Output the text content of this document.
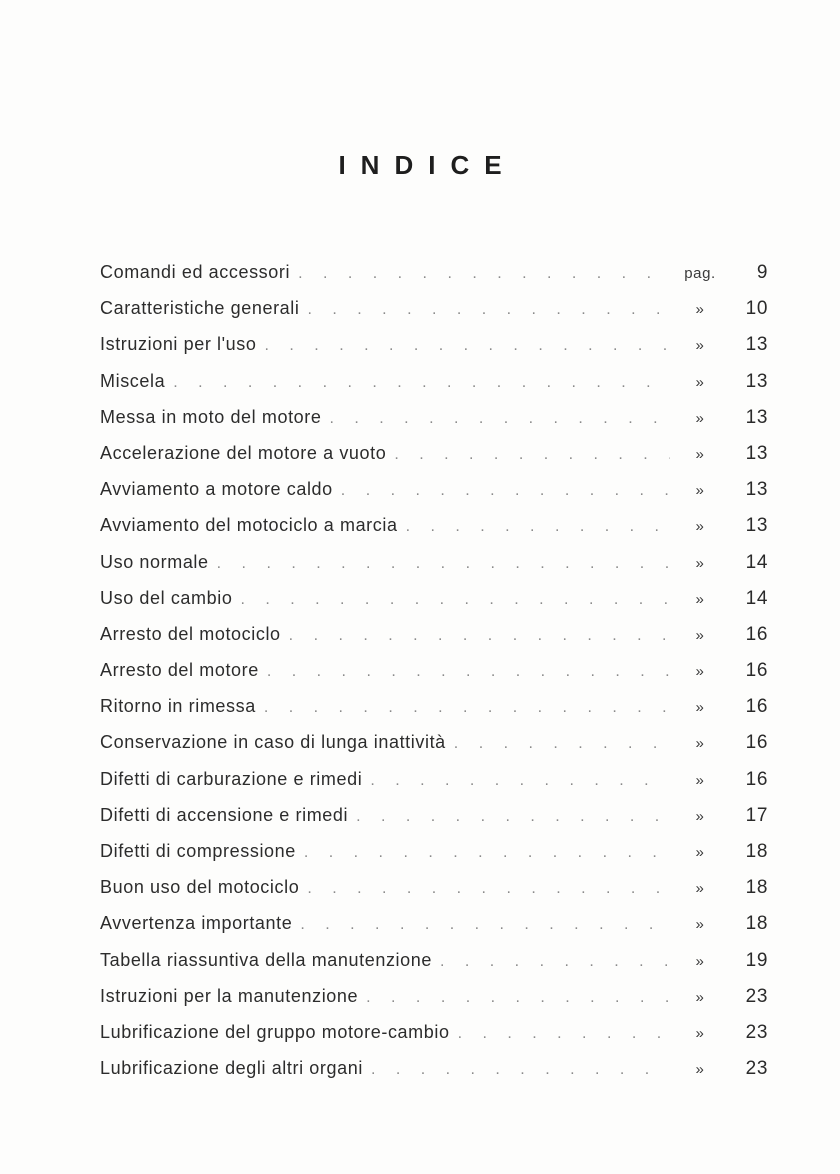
INDICE
Comandi ed accessori . . .	pag.	9
Caratteristiche generali . . .	»	10
Istruzioni per l'uso . . .	»	13
Miscela . . .	»	13
Messa in moto del motore . . .	»	13
Accelerazione del motore a vuoto . . .	»	13
Avviamento a motore caldo . . .	»	13
Avviamento del motociclo a marcia . . .	»	13
Uso normale . . .	»	14
Uso del cambio . . .	»	14
Arresto del motociclo . . .	»	16
Arresto del motore . . .	»	16
Ritorno in rimessa . . .	»	16
Conservazione in caso di lunga inattività . . .	»	16
Difetti di carburazione e rimedi . . .	»	16
Difetti di accensione e rimedi . . .	»	17
Difetti di compressione . . .	»	18
Buon uso del motociclo . . .	»	18
Avvertenza importante . . .	»	18
Tabella riassuntiva della manutenzione . . .	»	19
Istruzioni per la manutenzione . . .	»	23
Lubrificazione del gruppo motore-cambio . . .	»	23
Lubrificazione degli altri organi . . .	»	23
